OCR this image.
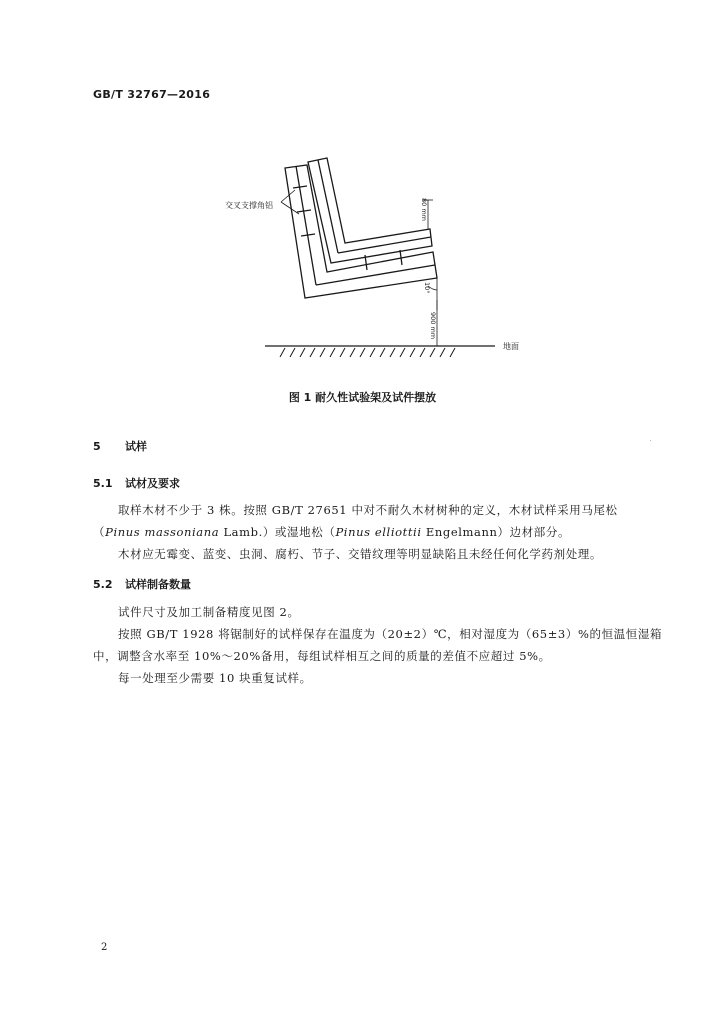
GB/T 32767—2016
交叉支撑角铝	80 mm
10°
900 mm
地面
图 1 耐久性试验架及试件摆放
5 试样
5.1 试材及要求
取样木材不少于 3 株。按照 GB/T 27651 中对不耐久木材树种的定义，木材试样采用马尾松
（Pinus massoniana Lamb.）或湿地松（Pinus elliottii Engelmann）边材部分。
木材应无霉变、蓝变、虫洞、腐朽、节子、交错纹理等明显缺陷且未经任何化学药剂处理。
5.2 试样制备数量
试件尺寸及加工制备精度见图 2。
按照 GB/T 1928 将锯制好的试样保存在温度为（20±2）℃，相对湿度为（65±3）%的恒温恒湿箱
中，调整含水率至 10%～20%备用，每组试样相互之间的质量的差值不应超过 5%。
每一处理至少需要 10 块重复试样。
2
